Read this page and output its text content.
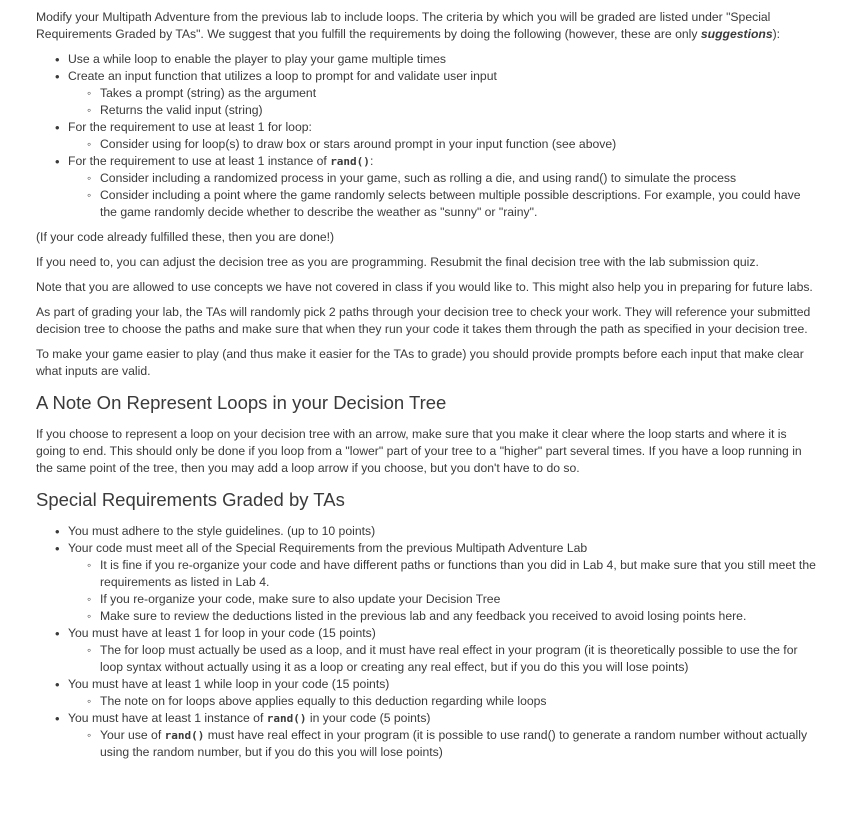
Modify your Multipath Adventure from the previous lab to include loops. The criteria by which you will be graded are listed under "Special Requirements Graded by TAs". We suggest that you fulfill the requirements by doing the following (however, these are only suggestions):

• Use a while loop to enable the player to play your game multiple times
• Create an input function that utilizes a loop to prompt for and validate user input
◦ Takes a prompt (string) as the argument
◦ Returns the valid input (string)
• For the requirement to use at least 1 for loop:
◦ Consider using for loop(s) to draw box or stars around prompt in your input function (see above)
• For the requirement to use at least 1 instance of rand():
◦ Consider including a randomized process in your game, such as rolling a die, and using rand() to simulate the process
◦ Consider including a point where the game randomly selects between multiple possible descriptions. For example, you could have the game randomly decide whether to describe the weather as "sunny" or "rainy".

(If your code already fulfilled these, then you are done!)

If you need to, you can adjust the decision tree as you are programming. Resubmit the final decision tree with the lab submission quiz.

Note that you are allowed to use concepts we have not covered in class if you would like to. This might also help you in preparing for future labs.

As part of grading your lab, the TAs will randomly pick 2 paths through your decision tree to check your work. They will reference your submitted decision tree to choose the paths and make sure that when they run your code it takes them through the path as specified in your decision tree.

To make your game easier to play (and thus make it easier for the TAs to grade) you should provide prompts before each input that make clear what inputs are valid.

A Note On Represent Loops in your Decision Tree

If you choose to represent a loop on your decision tree with an arrow, make sure that you make it clear where the loop starts and where it is going to end. This should only be done if you loop from a "lower" part of your tree to a "higher" part several times. If you have a loop running in the same point of the tree, then you may add a loop arrow if you choose, but you don't have to do so.

Special Requirements Graded by TAs
• You must adhere to the style guidelines. (up to 10 points)
• Your code must meet all of the Special Requirements from the previous Multipath Adventure Lab
◦ It is fine if you re-organize your code and have different paths or functions than you did in Lab 4, but make sure that you still meet the requirements as listed in Lab 4.
◦ If you re-organize your code, make sure to also update your Decision Tree
◦ Make sure to review the deductions listed in the previous lab and any feedback you received to avoid losing points here.
• You must have at least 1 for loop in your code (15 points)
◦ The for loop must actually be used as a loop, and it must have real effect in your program (it is theoretically possible to use the for loop syntax without actually using it as a loop or creating any real effect, but if you do this you will lose points)
• You must have at least 1 while loop in your code (15 points)
◦ The note on for loops above applies equally to this deduction regarding while loops
• You must have at least 1 instance of rand() in your code (5 points)
◦ Your use of rand() must have real effect in your program (it is possible to use rand() to generate a random number without actually using the random number, but if you do this you will lose points)
